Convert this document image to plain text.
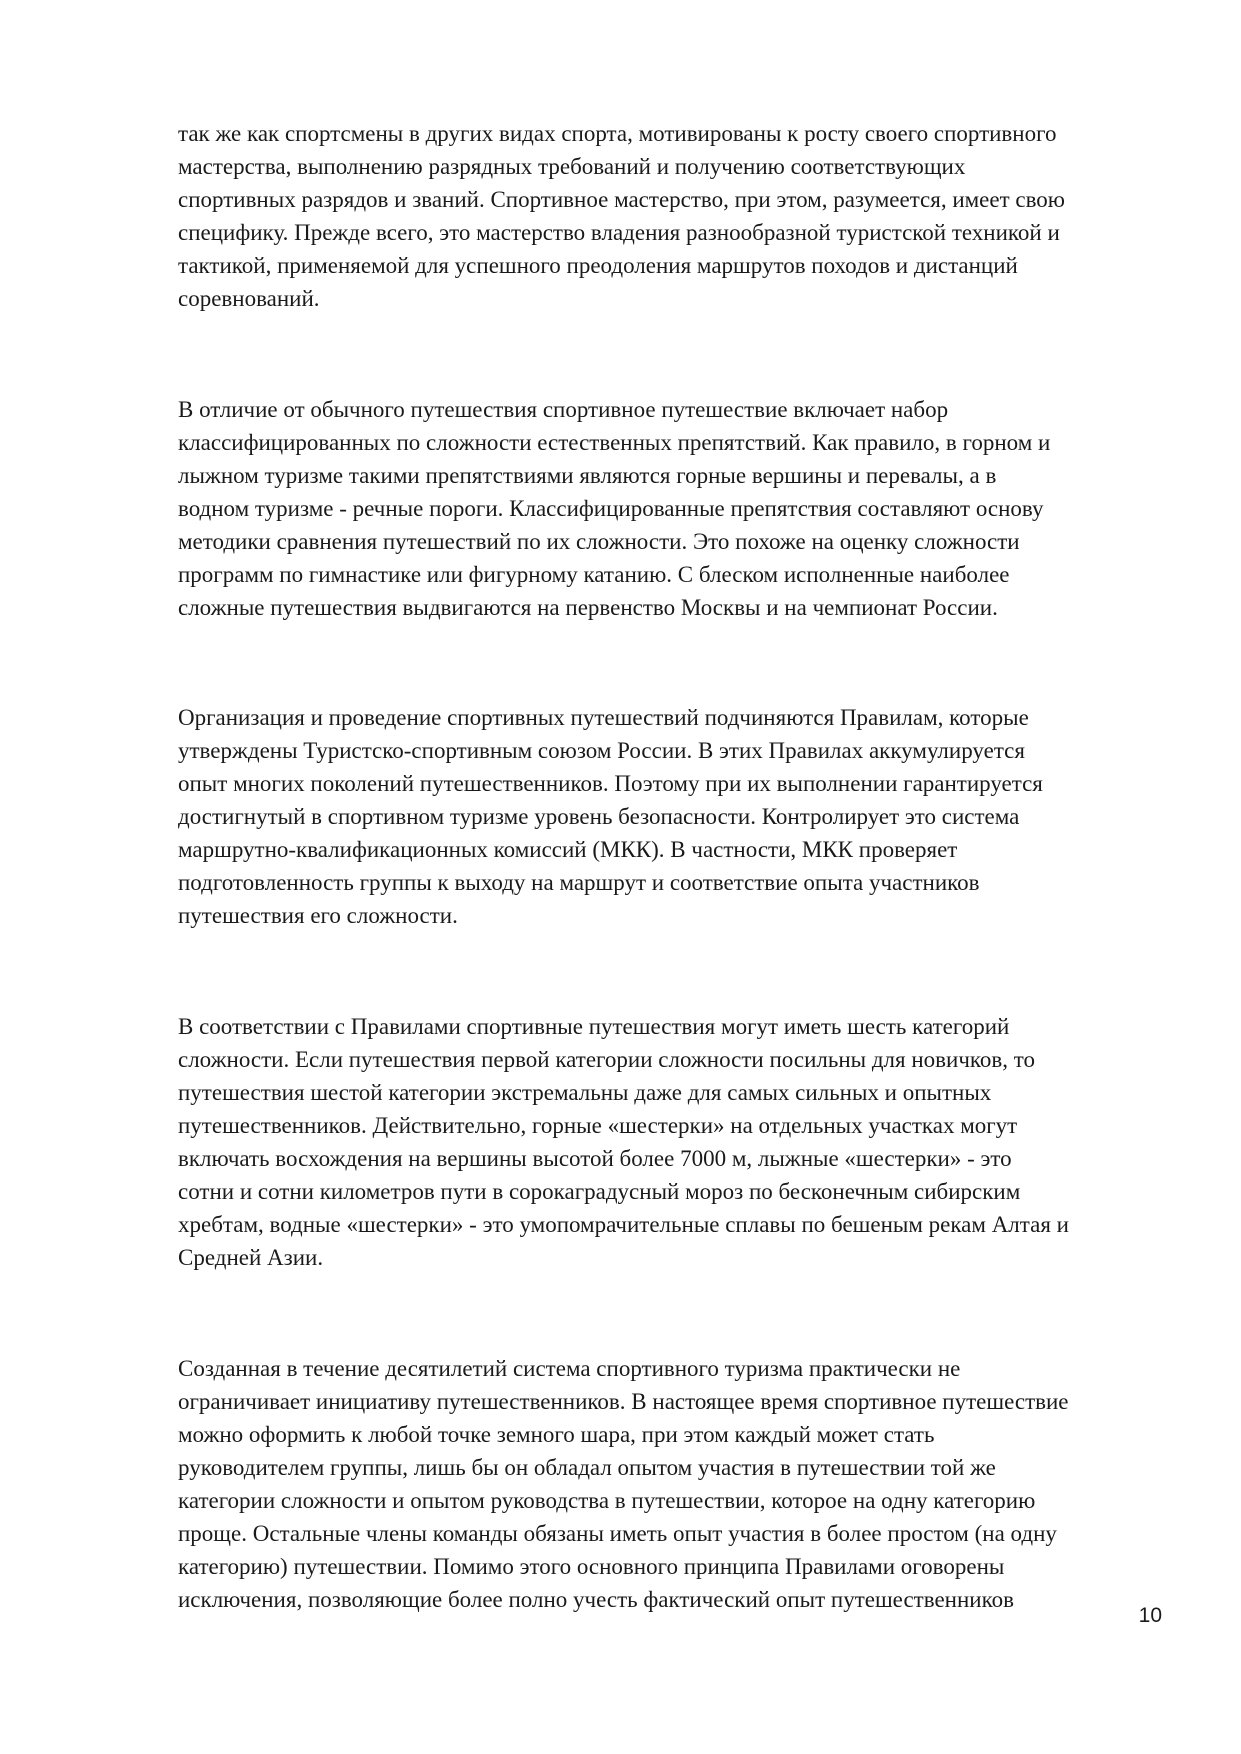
так же как спортсмены в других видах спорта, мотивированы к росту своего спортивного
мастерства, выполнению разрядных требований и получению соответствующих
спортивных разрядов и званий. Спортивное мастерство, при этом, разумеется, имеет свою
специфику. Прежде всего, это мастерство владения разнообразной туристской техникой и
тактикой, применяемой для успешного преодоления маршрутов походов и дистанций
соревнований.

В отличие от обычного путешествия спортивное путешествие включает набор
классифицированных по сложности естественных препятствий. Как правило, в горном и
лыжном туризме такими препятствиями являются горные вершины и перевалы, а в
водном туризме - речные пороги. Классифицированные препятствия составляют основу
методики сравнения путешествий по их сложности. Это похоже на оценку сложности
программ по гимнастике или фигурному катанию. С блеском исполненные наиболее
сложные путешествия выдвигаются на первенство Москвы и на чемпионат России.

Организация и проведение спортивных путешествий подчиняются Правилам, которые
утверждены Туристско-спортивным союзом России. В этих Правилах аккумулируется
опыт многих поколений путешественников. Поэтому при их выполнении гарантируется
достигнутый в спортивном туризме уровень безопасности. Контролирует это система
маршрутно-квалификационных комиссий (МКК). В частности, МКК проверяет
подготовленность группы к выходу на маршрут и соответствие опыта участников
путешествия его сложности.

В соответствии с Правилами спортивные путешествия могут иметь шесть категорий
сложности. Если путешествия первой категории сложности посильны для новичков, то
путешествия шестой категории экстремальны даже для самых сильных и опытных
путешественников. Действительно, горные «шестерки» на отдельных участках могут
включать восхождения на вершины высотой более 7000 м, лыжные «шестерки» - это
сотни и сотни километров пути в сорокаградусный мороз по бесконечным сибирским
хребтам, водные «шестерки» - это умопомрачительные сплавы по бешеным рекам Алтая и
Средней Азии.

Созданная в течение десятилетий система спортивного туризма практически не
ограничивает инициативу путешественников. В настоящее время спортивное путешествие
можно оформить к любой точке земного шара, при этом каждый может стать
руководителем группы, лишь бы он обладал опытом участия в путешествии той же
категории сложности и опытом руководства в путешествии, которое на одну категорию
проще. Остальные члены команды обязаны иметь опыт участия в более простом (на одну
категорию) путешествии. Помимо этого основного принципа Правилами оговорены
исключения, позволяющие более полно учесть фактический опыт путешественников

10
